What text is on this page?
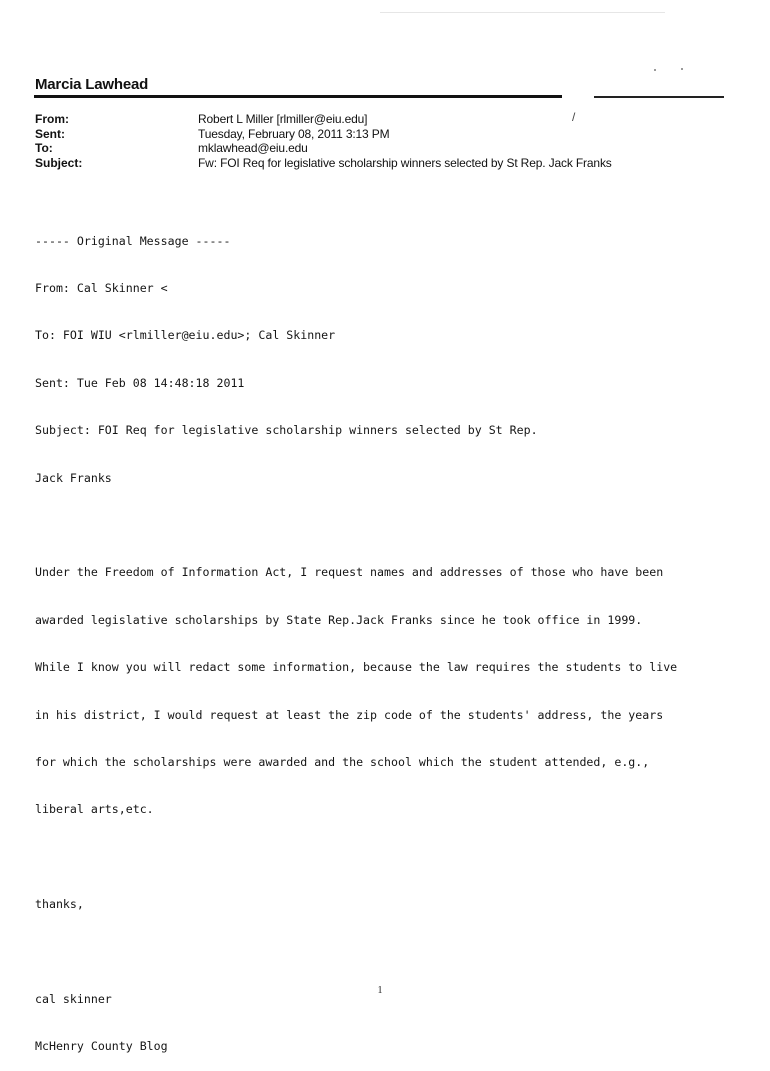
Marcia Lawhead
/
From:	Robert L Miller [rlmiller@eiu.edu]
Sent:	Tuesday, February 08, 2011 3:13 PM
To:	mklawhead@eiu.edu
Subject:	Fw: FOI Req for legislative scholarship winners selected by St Rep. Jack Franks

----- Original Message -----

From: Cal Skinner <

To: FOI WIU <rlmiller@eiu.edu>; Cal Skinner

Sent: Tue Feb 08 14:48:18 2011

Subject: FOI Req for legislative scholarship winners selected by St Rep.

Jack Franks

Under the Freedom of Information Act, I request names and addresses of those who have been

awarded legislative scholarships by State Rep.Jack Franks since he took office in 1999.

While I know you will redact some information, because the law requires the students to live

in his district, I would request at least the zip code of the students' address, the years

for which the scholarships were awarded and the school which the student attended, e.g.,

liberal arts,etc.

thanks,

cal skinner

McHenry County Blog

1
